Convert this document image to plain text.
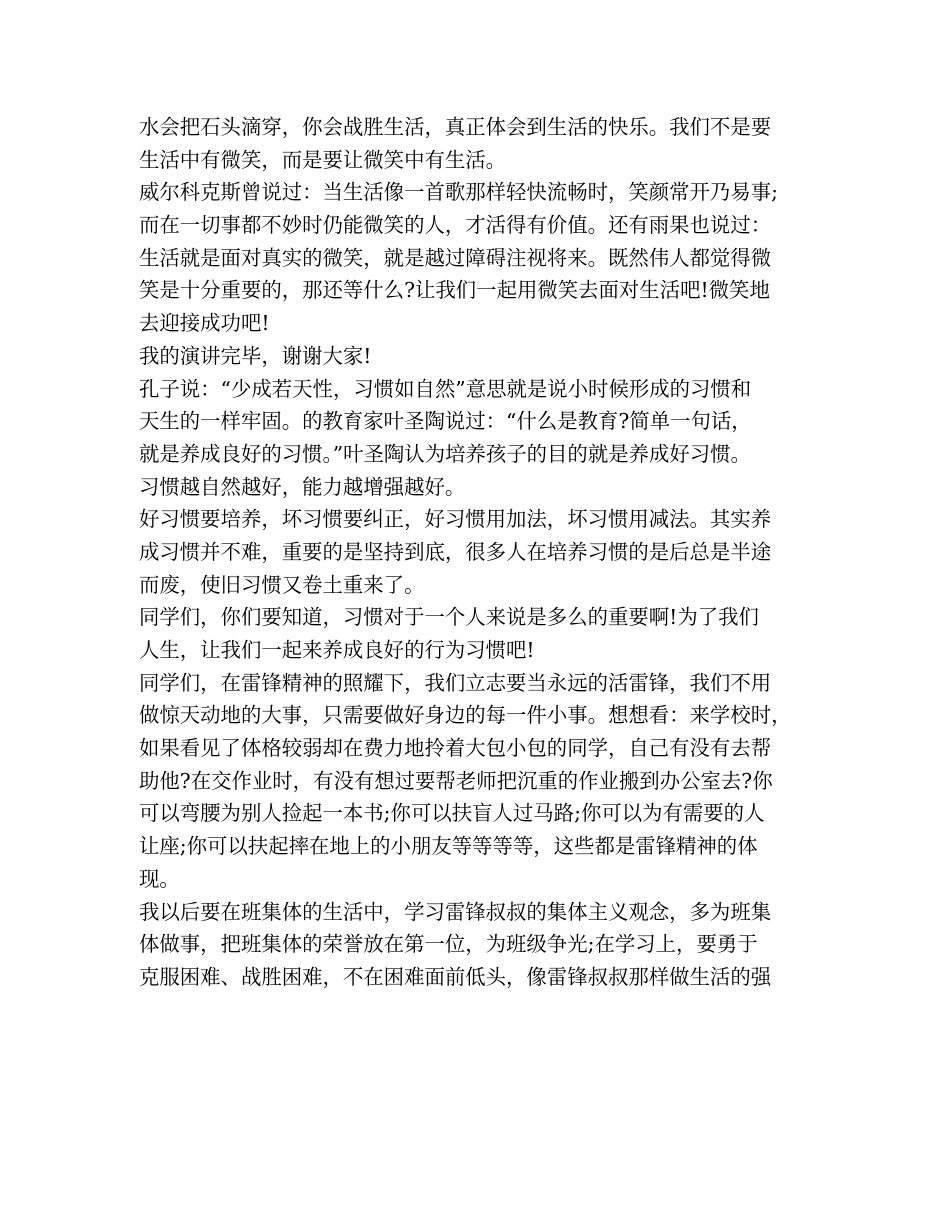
水会把石头滴穿，你会战胜生活，真正体会到生活的快乐。我们不是要
生活中有微笑，而是要让微笑中有生活。
威尔科克斯曾说过：当生活像一首歌那样轻快流畅时，笑颜常开乃易事;
而在一切事都不妙时仍能微笑的人，才活得有价值。还有雨果也说过：
生活就是面对真实的微笑，就是越过障碍注视将来。既然伟人都觉得微
笑是十分重要的，那还等什么?让我们一起用微笑去面对生活吧!微笑地
去迎接成功吧!
我的演讲完毕，谢谢大家!
孔子说：“少成若天性，习惯如自然”意思就是说小时候形成的习惯和
天生的一样牢固。的教育家叶圣陶说过：“什么是教育?简单一句话，
就是养成良好的习惯。”叶圣陶认为培养孩子的目的就是养成好习惯。
习惯越自然越好，能力越增强越好。
好习惯要培养，坏习惯要纠正，好习惯用加法，坏习惯用减法。其实养
成习惯并不难，重要的是坚持到底，很多人在培养习惯的是后总是半途
而废，使旧习惯又卷土重来了。
同学们，你们要知道，习惯对于一个人来说是多么的重要啊!为了我们
人生，让我们一起来养成良好的行为习惯吧!
同学们，在雷锋精神的照耀下，我们立志要当永远的活雷锋，我们不用
做惊天动地的大事，只需要做好身边的每一件小事。想想看：来学校时，
如果看见了体格较弱却在费力地拎着大包小包的同学，自己有没有去帮
助他?在交作业时，有没有想过要帮老师把沉重的作业搬到办公室去?你
可以弯腰为别人捡起一本书;你可以扶盲人过马路;你可以为有需要的人
让座;你可以扶起摔在地上的小朋友等等等等，这些都是雷锋精神的体
现。
我以后要在班集体的生活中，学习雷锋叔叔的集体主义观念，多为班集
体做事，把班集体的荣誉放在第一位，为班级争光;在学习上，要勇于
克服困难、战胜困难，不在困难面前低头，像雷锋叔叔那样做生活的强
